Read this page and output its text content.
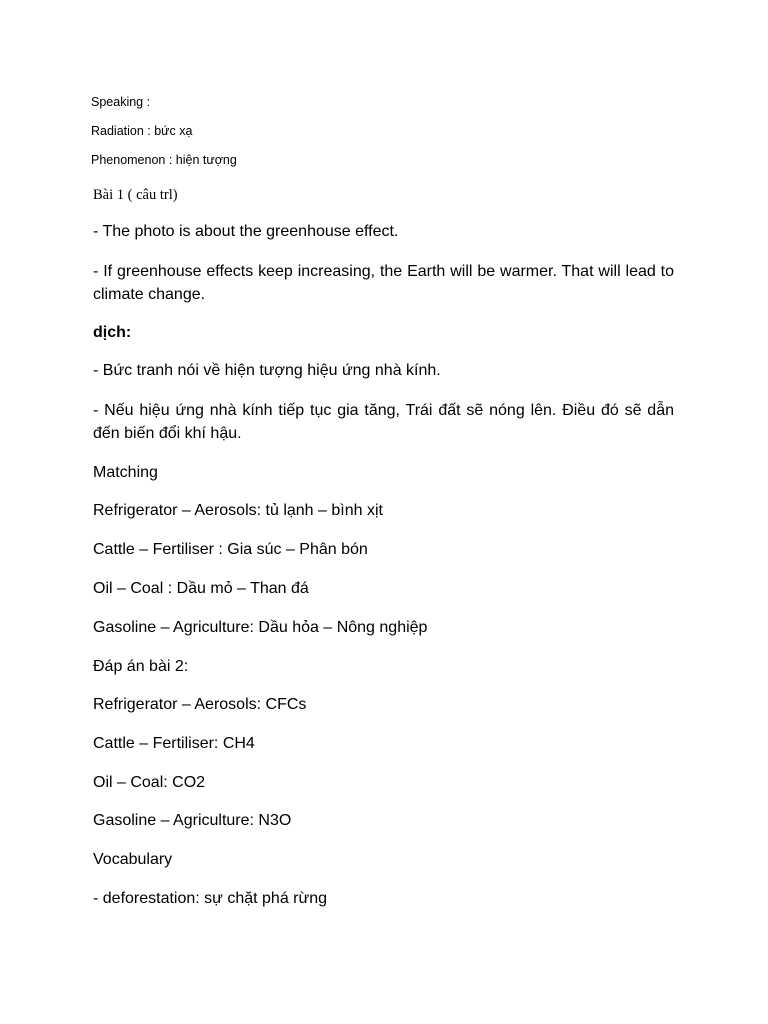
Speaking :
Radiation : bức xạ
Phenomenon : hiện tượng
Bài 1 ( câu trl)
- The photo is about the greenhouse effect.
- If greenhouse effects keep increasing, the Earth will be warmer. That will lead to climate change.
dịch:
- Bức tranh nói về hiện tượng hiệu ứng nhà kính.
- Nếu hiệu ứng nhà kính tiếp tục gia tăng, Trái đất sẽ nóng lên. Điều đó sẽ dẫn đến biến đổi khí hậu.
Matching
Refrigerator – Aerosols: tủ lạnh – bình xịt
Cattle – Fertiliser : Gia súc – Phân bón
Oil – Coal : Dầu mỏ – Than đá
Gasoline – Agriculture: Dầu hỏa – Nông nghiệp
Đáp án bài 2:
Refrigerator – Aerosols: CFCs
Cattle – Fertiliser: CH4
Oil – Coal: CO2
Gasoline – Agriculture: N3O
Vocabulary
- deforestation: sự chặt phá rừng
